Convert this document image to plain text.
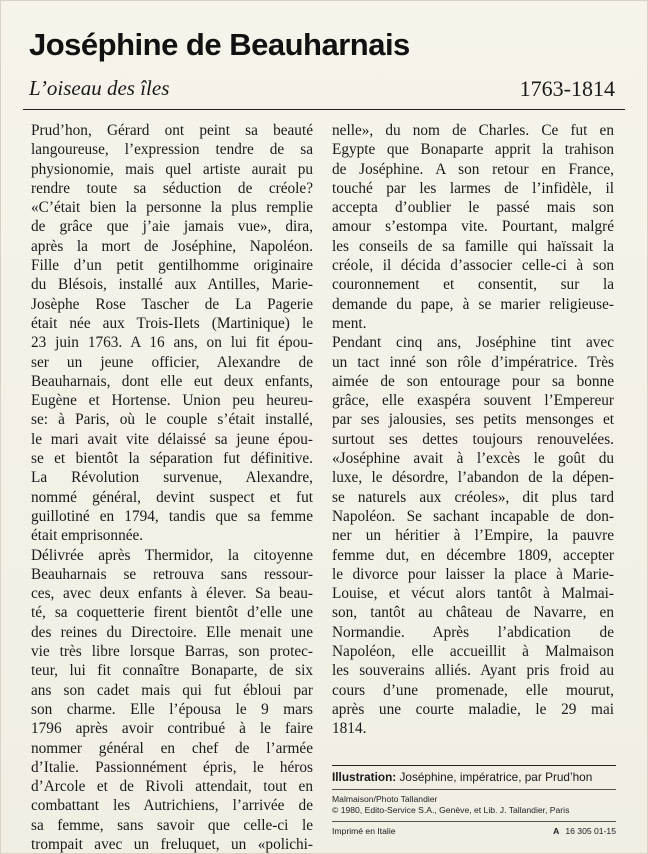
Joséphine de Beauharnais
L’oiseau des îles	1763-1814
Prud’hon, Gérard ont peint sa beauté
langoureuse, l’expression tendre de sa
physionomie, mais quel artiste aurait pu
rendre toute sa séduction de créole?
«C’était bien la personne la plus remplie
de grâce que j’aie jamais vue», dira,
après la mort de Joséphine, Napoléon.
Fille d’un petit gentilhomme originaire
du Blésois, installé aux Antilles, Marie-
Josèphe Rose Tascher de La Pagerie
était née aux Trois-Ilets (Martinique) le
23 juin 1763. A 16 ans, on lui fit épou-
ser un jeune officier, Alexandre de
Beauharnais, dont elle eut deux enfants,
Eugène et Hortense. Union peu heureu-
se: à Paris, où le couple s’était installé,
le mari avait vite délaissé sa jeune épou-
se et bientôt la séparation fut définitive.
La Révolution survenue, Alexandre,
nommé général, devint suspect et fut
guillotiné en 1794, tandis que sa femme
était emprisonnée.
Délivrée après Thermidor, la citoyenne
Beauharnais se retrouva sans ressour-
ces, avec deux enfants à élever. Sa beau-
té, sa coquetterie firent bientôt d’elle une
des reines du Directoire. Elle menait une
vie très libre lorsque Barras, son protec-
teur, lui fit connaître Bonaparte, de six
ans son cadet mais qui fut ébloui par
son charme. Elle l’épousa le 9 mars
1796 après avoir contribué à le faire
nommer général en chef de l’armée
d’Italie. Passionnément épris, le héros
d’Arcole et de Rivoli attendait, tout en
combattant les Autrichiens, l’arrivée de
sa femme, sans savoir que celle-ci le
trompait avec un freluquet, un «polichi-
nelle», du nom de Charles. Ce fut en
Egypte que Bonaparte apprit la trahison
de Joséphine. A son retour en France,
touché par les larmes de l’infidèle, il
accepta d’oublier le passé mais son
amour s’estompa vite. Pourtant, malgré
les conseils de sa famille qui haïssait la
créole, il décida d’associer celle-ci à son
couronnement et consentit, sur la
demande du pape, à se marier religieuse-
ment.
Pendant cinq ans, Joséphine tint avec
un tact inné son rôle d’impératrice. Très
aimée de son entourage pour sa bonne
grâce, elle exaspéra souvent l’Empereur
par ses jalousies, ses petits mensonges et
surtout ses dettes toujours renouvelées.
«Joséphine avait à l’excès le goût du
luxe, le désordre, l’abandon de la dépen-
se naturels aux créoles», dit plus tard
Napoléon. Se sachant incapable de don-
ner un héritier à l’Empire, la pauvre
femme dut, en décembre 1809, accepter
le divorce pour laisser la place à Marie-
Louise, et vécut alors tantôt à Malmai-
son, tantôt au château de Navarre, en
Normandie. Après l’abdication de
Napoléon, elle accueillit à Malmaison
les souverains alliés. Ayant pris froid au
cours d’une promenade, elle mourut,
après une courte maladie, le 29 mai
1814.
Illustration: Joséphine, impératrice, par Prud’hon
Malmaison/Photo Tallandier
© 1980, Edito-Service S.A., Genève, et Lib. J. Tallandier, Paris
Imprimé en Italie	A 16 305 01-15
